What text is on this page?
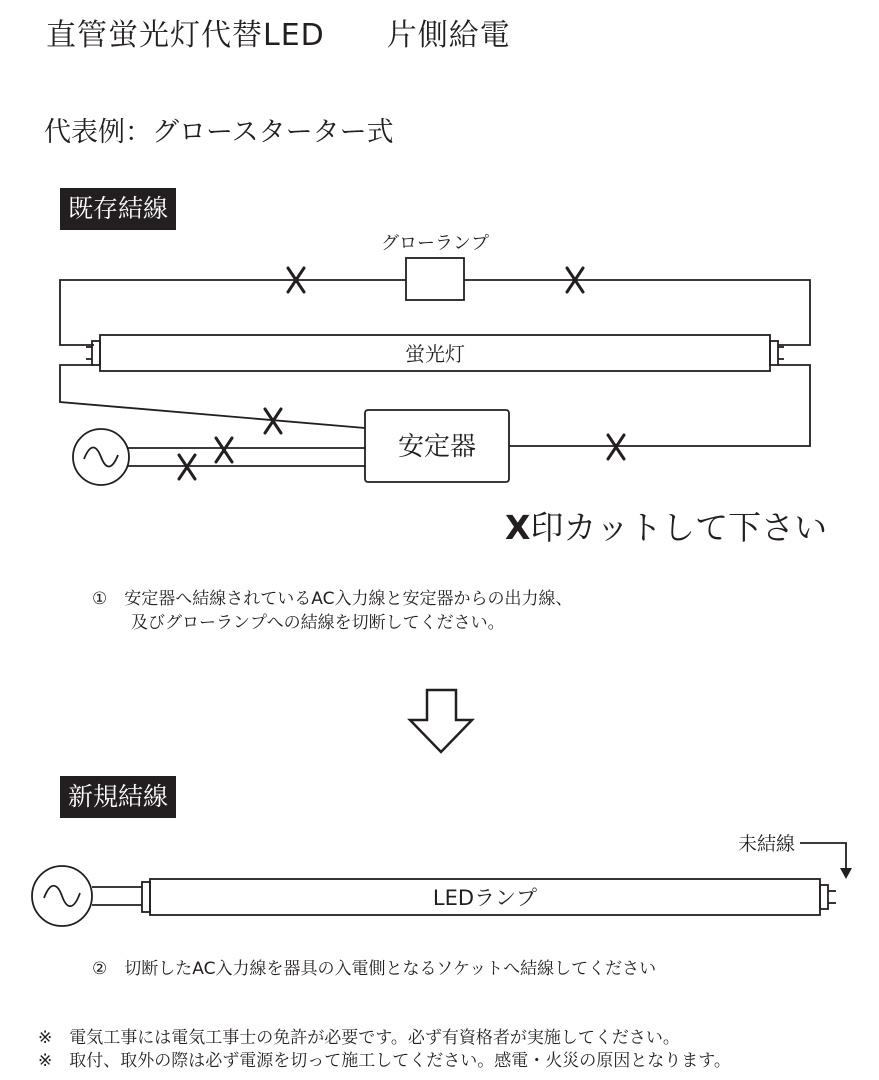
直管蛍光灯代替LED　　片側給電
代表例：グロースターター式
既存結線
グローランプ
蛍光灯
安定器
未結線
LEDランプ
X印カットして下さい
①　 安定器へ結線されているAC入力線と安定器からの出力線、
及びグローランプへの結線を切断してください。
新規結線
②　 切断したAC入力線を器具の入電側となるソケットへ結線してください
※　電気工事には電気工事士の免許が必要です。必ず有資格者が実施してください。
※　取付、取外の際は必ず電源を切って施工してください。感電・火災の原因となります。
